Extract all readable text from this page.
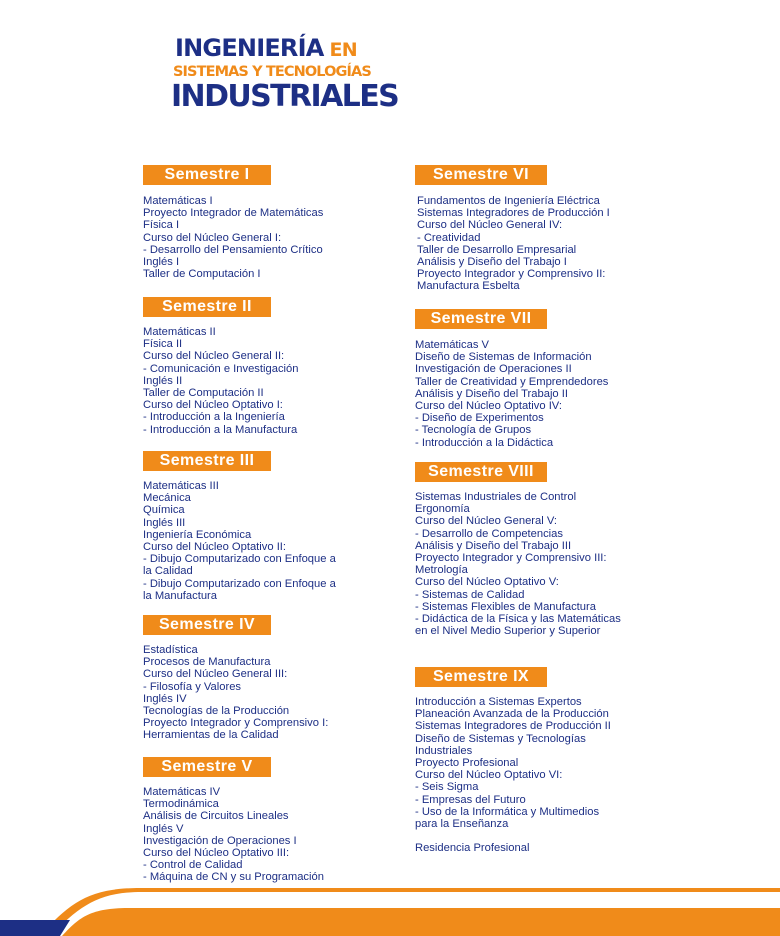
INGENIERÍA EN
SISTEMAS Y TECNOLOGÍAS
INDUSTRIALES
Semestre I
Matemáticas I
Proyecto Integrador de Matemáticas
Física I
Curso del Núcleo General I:
- Desarrollo del Pensamiento Crítico
Inglés I
Taller de Computación I
Semestre II
Matemáticas II
Física II
Curso del Núcleo General II:
- Comunicación e Investigación
Inglés II
Taller de Computación II
Curso del Núcleo Optativo I:
- Introducción a la Ingeniería
- Introducción a la Manufactura
Semestre III
Matemáticas III
Mecánica
Química
Inglés III
Ingeniería Económica
Curso del Núcleo Optativo II:
- Dibujo Computarizado con Enfoque a
la Calidad
- Dibujo Computarizado con Enfoque a
la Manufactura
Semestre IV
Estadística
Procesos de Manufactura
Curso del Núcleo General III:
- Filosofía y Valores
Inglés IV
Tecnologías de la Producción
Proyecto Integrador y Comprensivo I:
Herramientas de la Calidad
Semestre V
Matemáticas IV
Termodinámica
Análisis de Circuitos Lineales
Inglés V
Investigación de Operaciones I
Curso del Núcleo Optativo III:
- Control de Calidad
- Máquina de CN y su Programación
Semestre VI
Fundamentos de Ingeniería Eléctrica
Sistemas Integradores de Producción I
Curso del Núcleo General IV:
- Creatividad
Taller de Desarrollo Empresarial
Análisis y Diseño del Trabajo I
Proyecto Integrador y Comprensivo II:
Manufactura Esbelta
Semestre VII
Matemáticas V
Diseño de Sistemas de Información
Investigación de Operaciones II
Taller de Creatividad y Emprendedores
Análisis y Diseño del Trabajo II
Curso del Núcleo Optativo IV:
- Diseño de Experimentos
- Tecnología de Grupos
- Introducción a la Didáctica
Semestre VIII
Sistemas Industriales de Control
Ergonomía
Curso del Núcleo General V:
- Desarrollo de Competencias
Análisis y Diseño del Trabajo III
Proyecto Integrador y Comprensivo III:
Metrología
Curso del Núcleo Optativo V:
- Sistemas de Calidad
- Sistemas Flexibles de Manufactura
- Didáctica de la Física y las Matemáticas
en el Nivel Medio Superior y Superior
Semestre IX
Introducción a Sistemas Expertos
Planeación Avanzada de la Producción
Sistemas Integradores de Producción II
Diseño de Sistemas y Tecnologías
Industriales
Proyecto Profesional
Curso del Núcleo Optativo VI:
- Seis Sigma
- Empresas del Futuro
- Uso de la Informática y Multimedios
para la Enseñanza
Residencia Profesional
